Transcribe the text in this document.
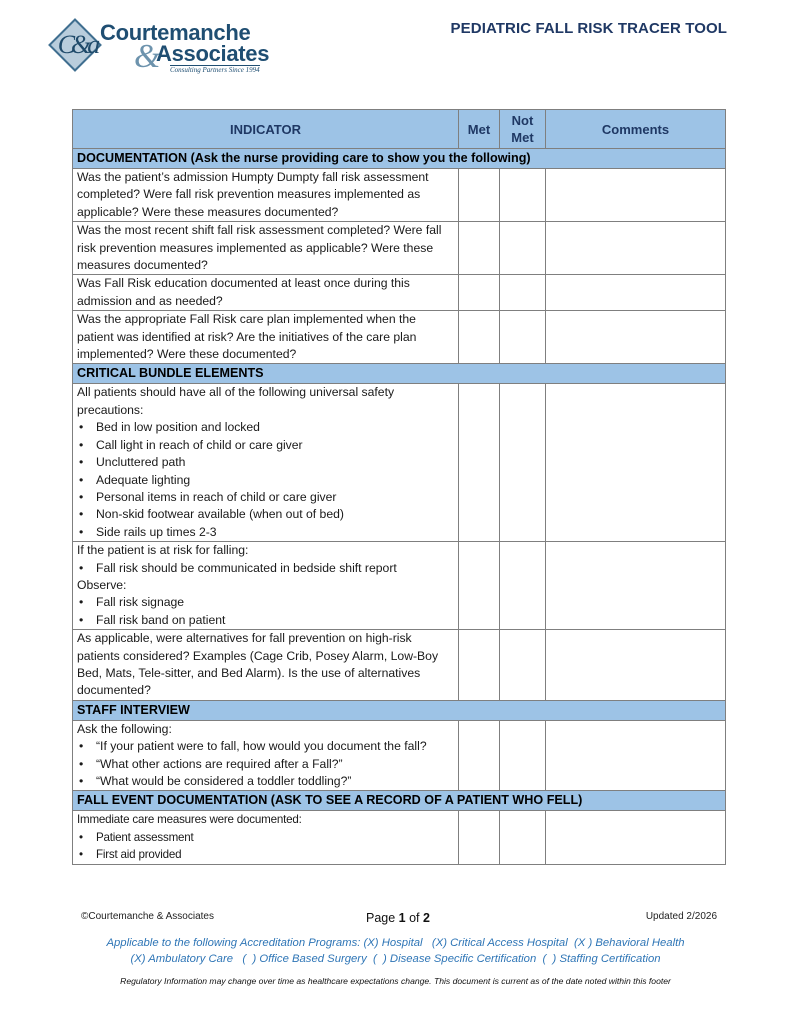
C&a Courtemanche
&
Associates
Consulting Partners Since 1994
PEDIATRIC FALL RISK TRACER TOOL
INDICATOR	Met	Not Met	Comments
DOCUMENTATION (Ask the nurse providing care to show you the following)			
Was the patient’s admission Humpty Dumpty fall risk assessment completed? Were fall risk prevention measures implemented as applicable? Were these measures documented?			
Was the most recent shift fall risk assessment completed? Were fall risk prevention measures implemented as applicable? Were these measures documented?			
Was Fall Risk education documented at least once during this admission and as needed?			
Was the appropriate Fall Risk care plan implemented when the patient was identified at risk? Are the initiatives of the care plan implemented? Were these documented?			
CRITICAL BUNDLE ELEMENTS			

All patients should have all of the following universal safety precautions:
• Bed in low position and locked
• Call light in reach of child or care giver
• Uncluttered path
• Adequate lighting
• Personal items in reach of child or care giver
• Non-skid footwear available (when out of bed)
• Side rails up times 2-3

If the patient is at risk for falling:
• Fall risk should be communicated in bedside shift report
Observe:
• Fall risk signage
• Fall risk band on patient

As applicable, were alternatives for fall prevention on high-risk patients considered? Examples (Cage Crib, Posey Alarm, Low-Boy Bed, Mats, Tele-sitter, and Bed Alarm). Is the use of alternatives documented?			
STAFF INTERVIEW			

Ask the following:
• “If your patient were to fall, how would you document the fall?
• “What other actions are required after a Fall?”
• “What would be considered a toddler toddling?”

FALL EVENT DOCUMENTATION (ASK TO SEE A RECORD OF A PATIENT WHO FELL)			

Immediate care measures were documented:
• Patient assessment
• First aid provided

©Courtemanche & Associates	Page 1 of 2	Updated 2/2026
Applicable to the following Accreditation Programs: (X) Hospital   (X) Critical Access Hospital  (X ) Behavioral Health
(X) Ambulatory Care   (  ) Office Based Surgery  (  ) Disease Specific Certification  (  ) Staffing Certification
Regulatory Information may change over time as healthcare expectations change. This document is current as of the date noted within this footer
